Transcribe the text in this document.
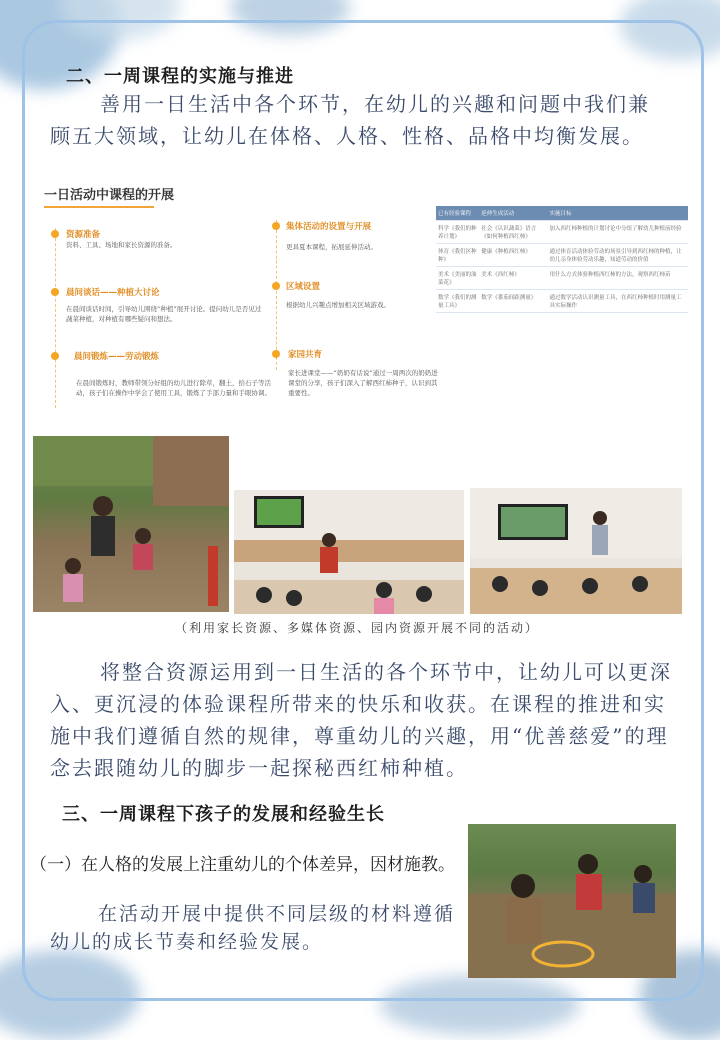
二、一周课程的实施与推进
善用一日生活中各个环节，在幼儿的兴趣和问题中我们兼顾五大领域，让幼儿在体格、人格、性格、品格中均衡发展。
一日活动中课程的开展
资源准备
资料、工具、场地和家长资源的准备。
晨间谈话——种植大讨论
在晨间谈话时间，引导幼儿围绕“种植”展开讨论。提问幼儿是否见过蔬菜种植，对种植有哪些疑问和想法。
晨间锻炼——劳动锻炼
在晨间锻炼时，教师带领分好组的幼儿进行除草，翻土，拾石子等活动，孩子们在操作中学会了使用工具，锻炼了手部力量和手眼协调。
集体活动的设置与开展
更具夏本课程，拓展延伸活动。
区域设置
根据幼儿兴趣点增加相关区域游戏。
家园共育
家长进课堂——“奶奶有话说”通过一周两次的奶奶进课堂的分享，孩子们深入了解西红柿种子，认识到其重要性。
已有经验课程	延伸生成活动	实施目标
科学《我们的种养计划》	社会《认识蔬菜》语言《如何种植西红柿》	加入西红柿种植的计划讨论中分组了解幼儿种植前经验
体育《我们区种种》	健康《种植西红柿》	通过体育活动体验劳动的场景引导到西红柿的种植，让幼儿亲身体验劳动乐趣，知道劳动的价值
美术《美丽的油菜花》	美术《西红柿》	用什么方式体验种植西红柿的方法，观察西红柿苗
数学《我们的测量工具》	数学《番茄间距测量》	通过数学活动认识测量工具，在西红柿种植时用测量工具实际操作
（利用家长资源、多媒体资源、园内资源开展不同的活动）
将整合资源运用到一日生活的各个环节中，让幼儿可以更深入、更沉浸的体验课程所带来的快乐和收获。在课程的推进和实施中我们遵循自然的规律，尊重幼儿的兴趣，用“优善慈爱”的理念去跟随幼儿的脚步一起探秘西红柿种植。
三、一周课程下孩子的发展和经验生长
（一）在人格的发展上注重幼儿的个体差异，因材施教。
在活动开展中提供不同层级的材料遵循幼儿的成长节奏和经验发展。
